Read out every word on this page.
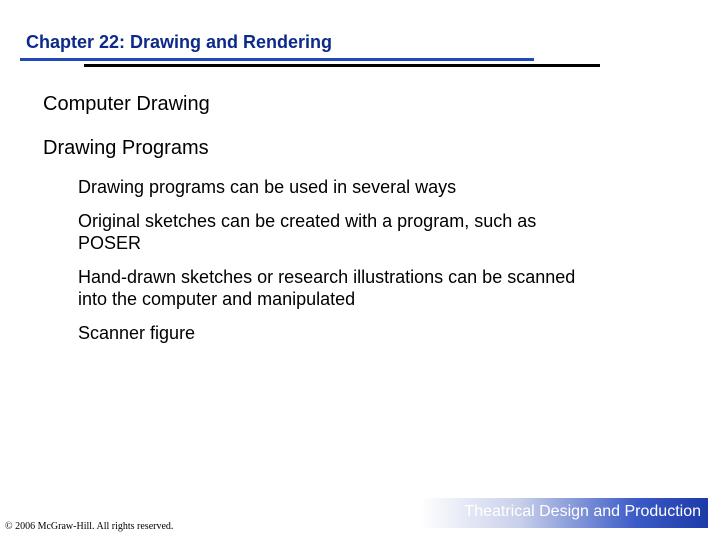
Chapter 22: Drawing and Rendering
Computer Drawing
Drawing Programs

Drawing programs can be used in several ways

Original sketches can be created with a program, such as POSER

Hand-drawn sketches or research illustrations can be scanned into the computer and manipulated

Scanner figure

Theatrical Design and Production
© 2006 McGraw-Hill. All rights reserved.
